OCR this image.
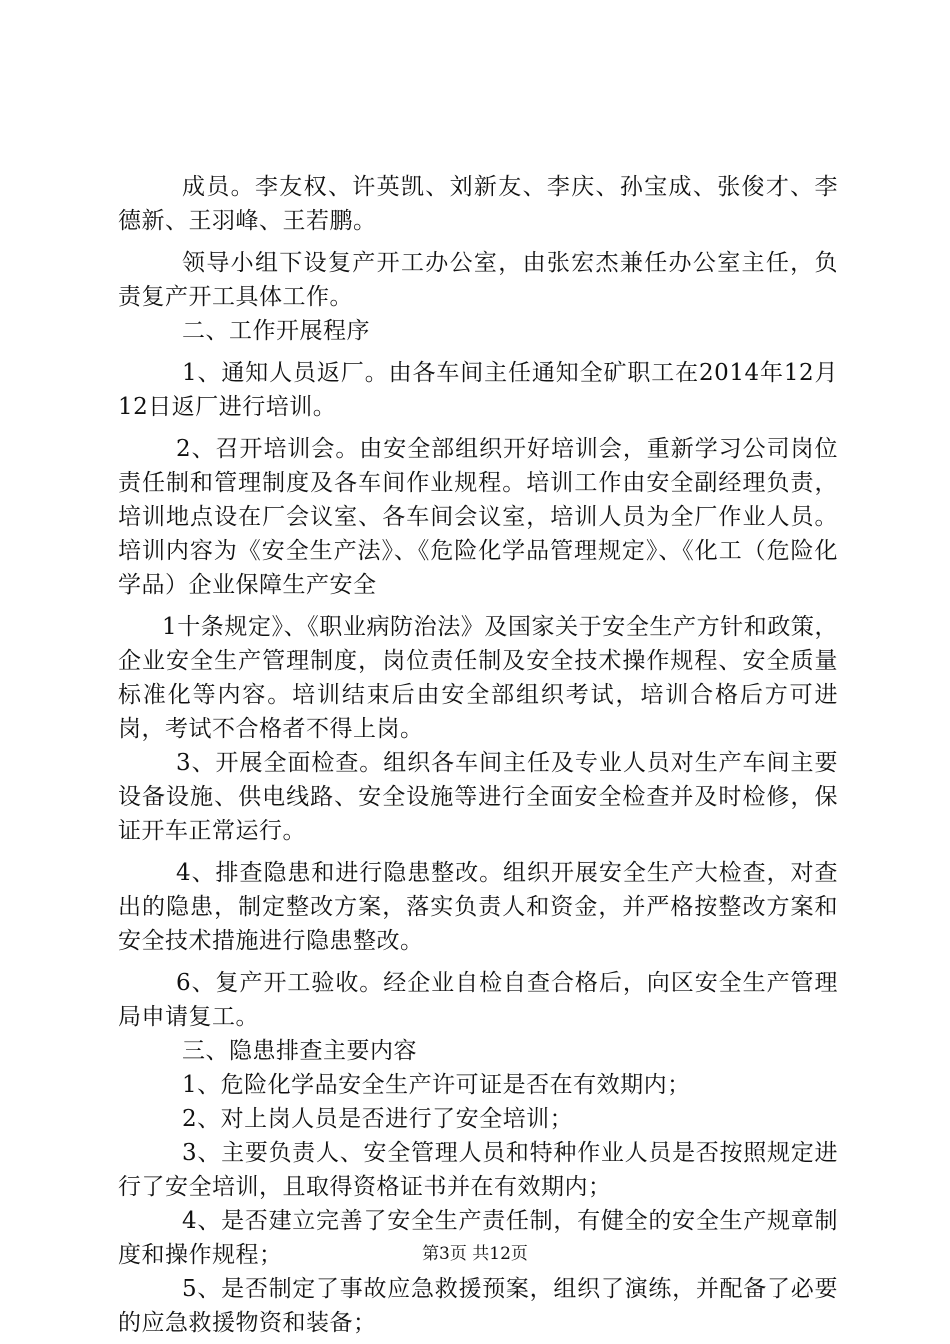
成员。李友权、许英凯、刘新友、李庆、孙宝成、张俊才、李德新、王羽峰、王若鹏。

领导小组下设复产开工办公室，由张宏杰兼任办公室主任，负责复产开工具体工作。

二、工作开展程序

1、通知人员返厂。由各车间主任通知全矿职工在2014年12月12日返厂进行培训。

2、召开培训会。由安全部组织开好培训会，重新学习公司岗位责任制和管理制度及各车间作业规程。培训工作由安全副经理负责，培训地点设在厂会议室、各车间会议室，培训人员为全厂作业人员。培训内容为《安全生产法》、《危险化学品管理规定》、《化工（危险化学品）企业保障生产安全

1十条规定》、《职业病防治法》及国家关于安全生产方针和政策，企业安全生产管理制度，岗位责任制及安全技术操作规程、安全质量标准化等内容。培训结束后由安全部组织考试，培训合格后方可进岗，考试不合格者不得上岗。

3、开展全面检查。组织各车间主任及专业人员对生产车间主要设备设施、供电线路、安全设施等进行全面安全检查并及时检修，保证开车正常运行。

4、排查隐患和进行隐患整改。组织开展安全生产大检查，对查出的隐患，制定整改方案，落实负责人和资金，并严格按整改方案和安全技术措施进行隐患整改。

6、复产开工验收。经企业自检自查合格后，向区安全生产管理局申请复工。

三、隐患排查主要内容

1、危险化学品安全生产许可证是否在有效期内；

2、对上岗人员是否进行了安全培训；

3、主要负责人、安全管理人员和特种作业人员是否按照规定进行了安全培训，且取得资格证书并在有效期内；

4、是否建立完善了安全生产责任制，有健全的安全生产规章制度和操作规程；

5、是否制定了事故应急救援预案，组织了演练，并配备了必要的应急救援物资和装备；

第3页 共12页
